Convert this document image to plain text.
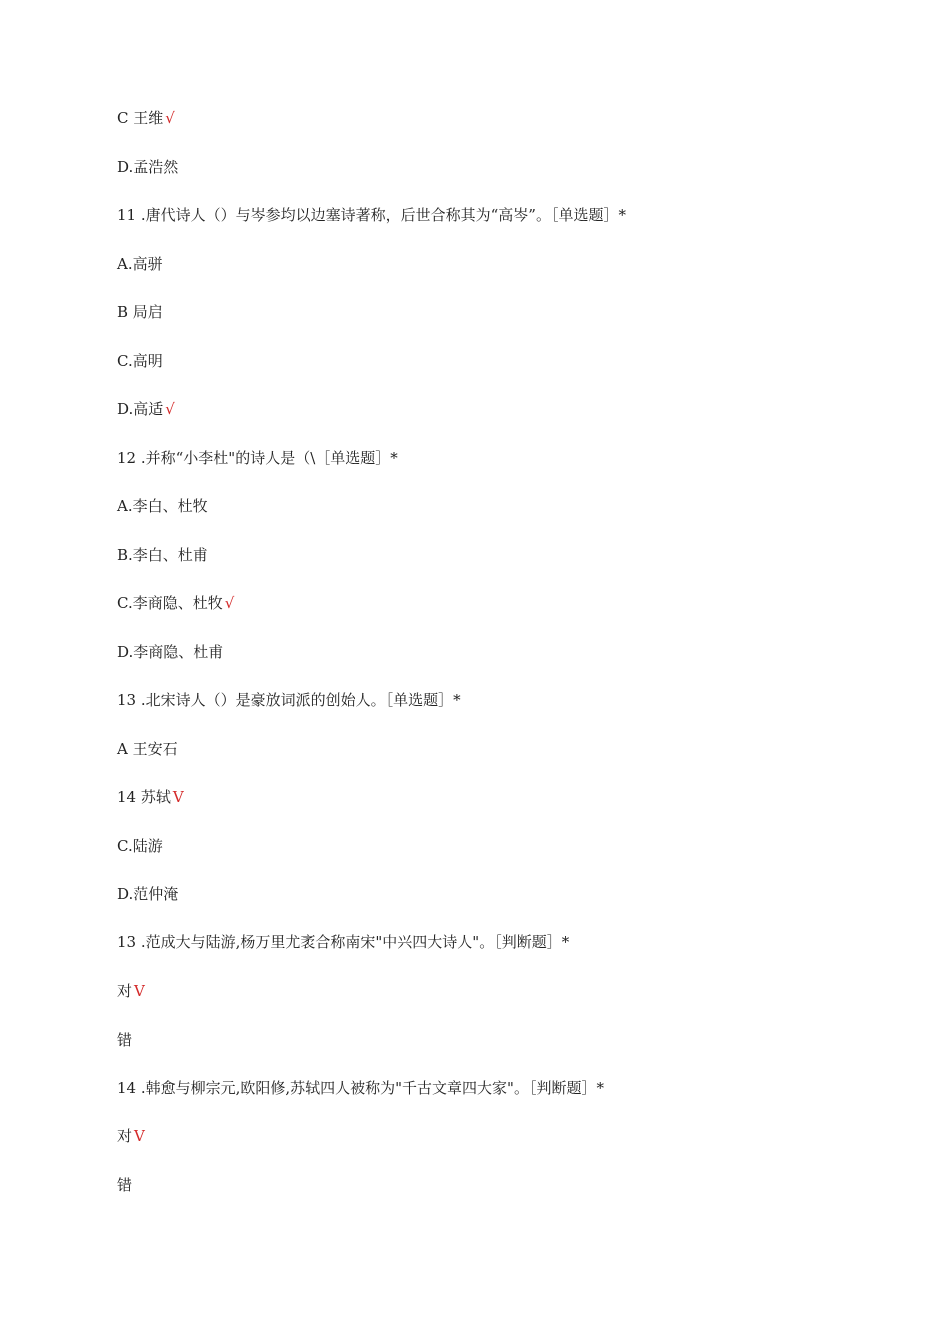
C 王维 √
D.孟浩然
11 .唐代诗人（）与岑参均以边塞诗著称，后世合称其为“高岑”。［单选题］*
A.高骈
B 局启
C.高明
D.高适 √
12 .并称“小李杜"的诗人是（\［单选题］*
A.李白、杜牧
B.李白、杜甫
C.李商隐、杜牧 √
D.李商隐、杜甫
13 .北宋诗人（）是豪放词派的创始人。［单选题］*
A 王安石
14 苏轼 V
C.陆游
D.范仲淹
13 .范成大与陆游,杨万里尤袤合称南宋"中兴四大诗人"。［判断题］*
对 V
错
14 .韩愈与柳宗元,欧阳修,苏轼四人被称为"千古文章四大家"。［判断题］*
对 V
错
